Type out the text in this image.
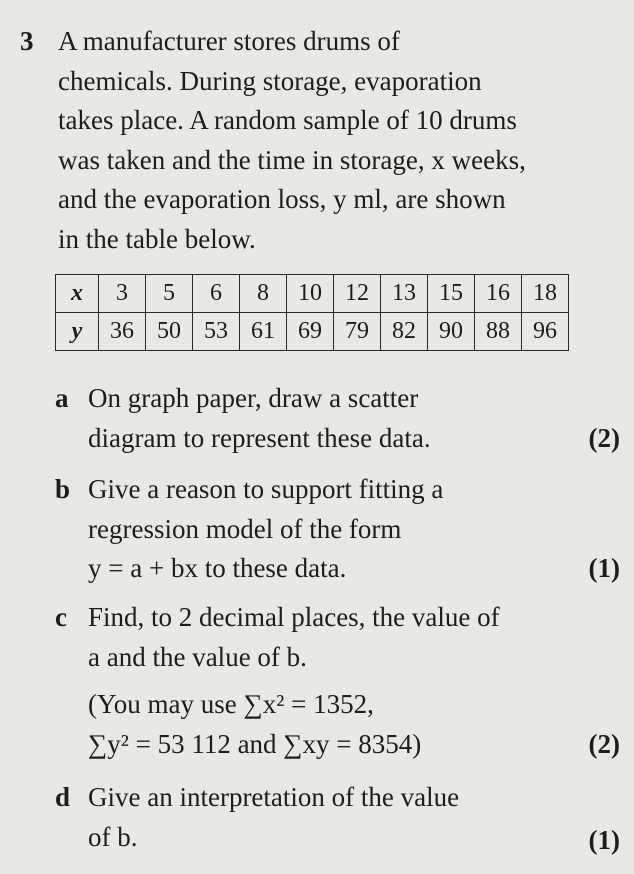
3 A manufacturer stores drums of
chemicals. During storage, evaporation
takes place. A random sample of 10 drums
was taken and the time in storage, x weeks,
and the evaporation loss, y ml, are shown
in the table below.
x	3	5	6	8	10	12	13	15	16	18
y	36	50	53	61	69	79	82	90	88	96
a On graph paper, draw a scatter
diagram to represent these data.	(2)
b Give a reason to support fitting a
regression model of the form
y = a + bx to these data.	(1)
c Find, to 2 decimal places, the value of
a and the value of b.
(You may use ∑x² = 1352,
∑y² = 53 112 and ∑xy = 8354)	(2)
d Give an interpretation of the value
of b.	(1)
